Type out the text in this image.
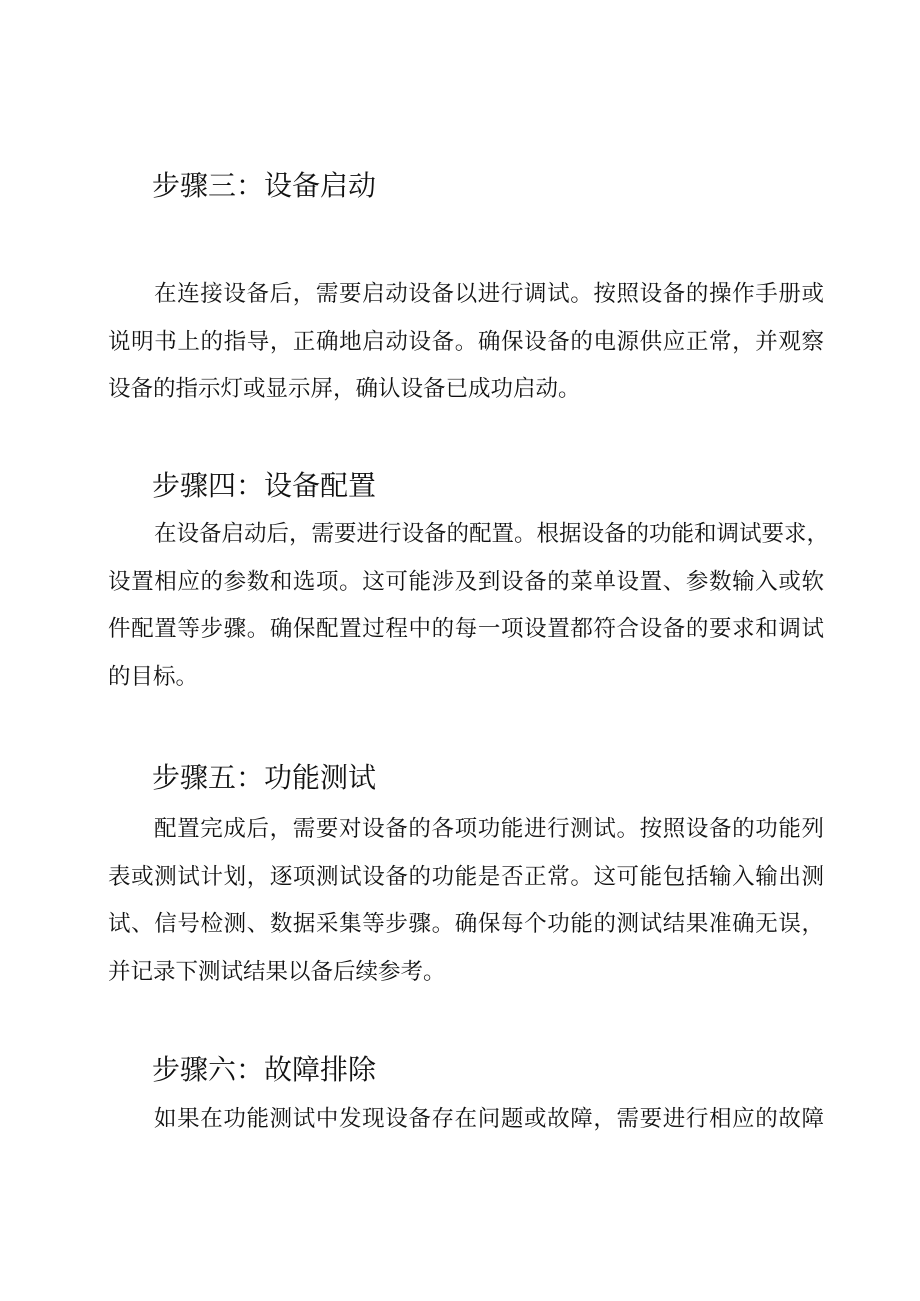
步骤三：设备启动
在连接设备后，需要启动设备以进行调试。按照设备的操作手册或
说明书上的指导，正确地启动设备。确保设备的电源供应正常，并观察
设备的指示灯或显示屏，确认设备已成功启动。
步骤四：设备配置
在设备启动后，需要进行设备的配置。根据设备的功能和调试要求，
设置相应的参数和选项。这可能涉及到设备的菜单设置、参数输入或软
件配置等步骤。确保配置过程中的每一项设置都符合设备的要求和调试
的目标。
步骤五：功能测试
配置完成后，需要对设备的各项功能进行测试。按照设备的功能列
表或测试计划，逐项测试设备的功能是否正常。这可能包括输入输出测
试、信号检测、数据采集等步骤。确保每个功能的测试结果准确无误，
并记录下测试结果以备后续参考。
步骤六：故障排除
如果在功能测试中发现设备存在问题或故障，需要进行相应的故障
